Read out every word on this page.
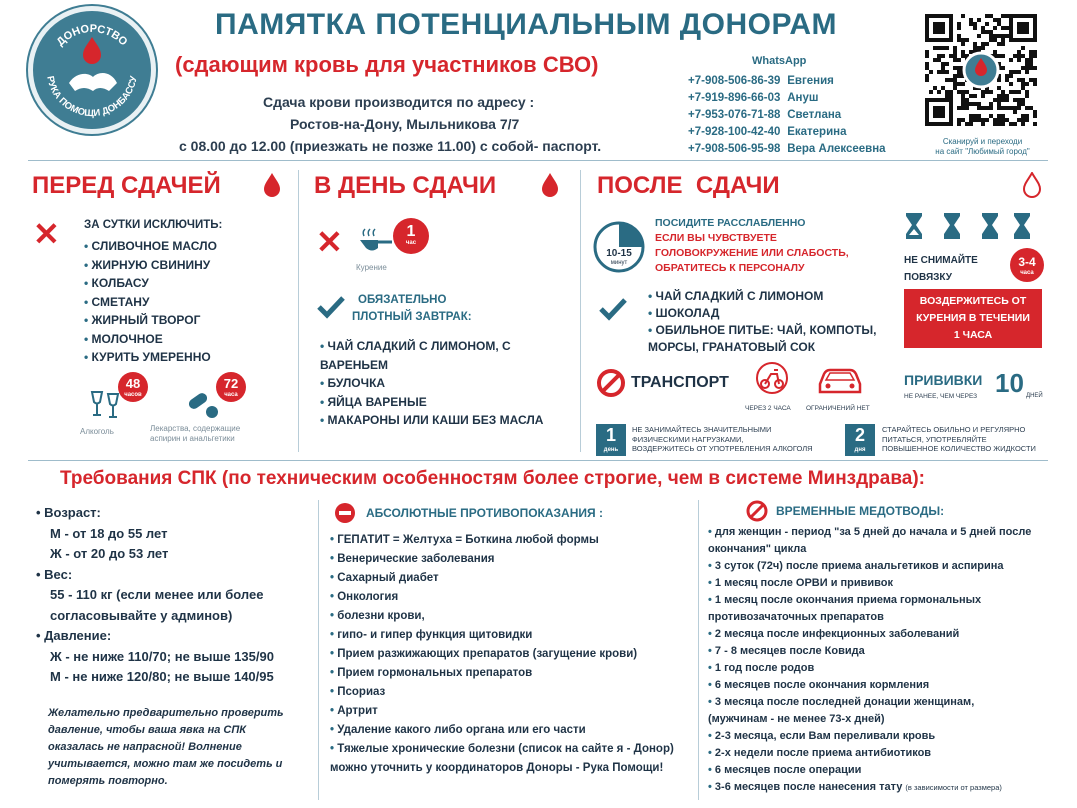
ДОНОРСТВО
РУКА ПОМОЩИ ДОНБАССУ
ПАМЯТКА ПОТЕНЦИАЛЬНЫМ ДОНОРАМ
(сдающим кровь для участников СВО)
Сдача крови производится по адресу :
Ростов-на-Дону, Мыльникова 7/7
с 08.00 до 12.00 (приезжать не позже 11.00) с собой- паспорт.
WhatsApp
+7-908-506-86-39 Евгения
+7-919-896-66-03 Ануш
+7-953-076-71-88 Светлана
+7-928-100-42-40 Екатерина
+7-908-506-95-98 Вера Алексеевна
Сканируй и переходи
на сайт "Любимый город"
ПЕРЕД СДАЧЕЙ
✕ ЗА СУТКИ ИСКЛЮЧИТЬ:
• СЛИВОЧНОЕ МАСЛО
• ЖИРНУЮ СВИНИНУ
• КОЛБАСУ
• СМЕТАНУ
• ЖИРНЫЙ ТВОРОГ
• МОЛОЧНОЕ
• КУРИТЬ УМЕРЕННО
48
часов
Алкоголь
72
часа
Лекарства, содержащие
аспирин и анальгетики
В ДЕНЬ СДАЧИ
✕	1
час
Курение
ОБЯЗАТЕЛЬНО
ПЛОТНЫЙ ЗАВТРАК:
• ЧАЙ СЛАДКИЙ С ЛИМОНОМ, С
ВАРЕНЬЕМ
• БУЛОЧКА
• ЯЙЦА ВАРЕНЫЕ
• МАКАРОНЫ ИЛИ КАШИ БЕЗ МАСЛА
ПОСЛЕ  СДАЧИ
10-15
минут
ПОСИДИТЕ РАССЛАБЛЕННО
ЕСЛИ ВЫ ЧУВСТВУЕТЕ
ГОЛОВОКРУЖЕНИЕ ИЛИ СЛАБОСТЬ,
ОБРАТИТЕСЬ К ПЕРСОНАЛУ
НЕ СНИМАЙТЕ
ПОВЯЗКУ
3-4
часа
• ЧАЙ СЛАДКИЙ С ЛИМОНОМ
• ШОКОЛАД
• ОБИЛЬНОЕ ПИТЬЕ: ЧАЙ, КОМПОТЫ,
МОРСЫ, ГРАНАТОВЫЙ СОК
ВОЗДЕРЖИТЕСЬ ОТ
КУРЕНИЯ В ТЕЧЕНИИ
1 ЧАСА
ТРАНСПОРТ
ЧЕРЕЗ 2 ЧАСА ОГРАНИЧЕНИЙ НЕТ
ПРИВИВКИ
НЕ РАНЕЕ, ЧЕМ ЧЕРЕЗ 10 ДНЕЙ
1
день
НЕ ЗАНИМАЙТЕСЬ ЗНАЧИТЕЛЬНЫМИ
ФИЗИЧЕСКИМИ НАГРУЗКАМИ,
ВОЗДЕРЖИТЕСЬ ОТ УПОТРЕБЛЕНИЯ АЛКОГОЛЯ
2
дня
СТАРАЙТЕСЬ ОБИЛЬНО И РЕГУЛЯРНО
ПИТАТЬСЯ, УПОТРЕБЛЯЙТЕ
ПОВЫШЕННОЕ КОЛИЧЕСТВО ЖИДКОСТИ
Требования СПК (по техническим особенностям более строгие, чем в системе Минздрава):
• Возраст:
М - от 18 до 55 лет
Ж - от 20 до 53 лет
• Вес:
55 - 110 кг (если менее или более
согласовывайте у админов)
• Давление:
Ж - не ниже 110/70; не выше 135/90
М - не ниже 120/80; не выше 140/95
Желательно предварительно проверить
давление, чтобы ваша явка на СПК
оказалась не напрасной! Волнение
учитывается, можно там же посидеть и
померять повторно.
АБСОЛЮТНЫЕ ПРОТИВОПОКАЗАНИЯ :
• ГЕПАТИТ = Желтуха = Боткина любой формы
• Венерические заболевания
• Сахарный диабет
• Онкология
• болезни крови,
• гипо- и гипер функция щитовидки
• Прием разжижающих препаратов (загущение крови)
• Прием гормональных препаратов
• Псориаз
• Артрит
• Удаление какого либо органа или его части
• Тяжелые хронические болезни (список на сайте я - Донор)
можно уточнить у координаторов Доноры - Рука Помощи!
ВРЕМЕННЫЕ МЕДОТВОДЫ:
• для женщин - период "за 5 дней до начала и 5 дней после
окончания" цикла
• 3 суток (72ч) после приема анальгетиков и аспирина
• 1 месяц после ОРВИ и прививок
• 1 месяц после окончания приема гормональных
противозачаточных препаратов
• 2 месяца после инфекционных заболеваний
• 7 - 8 месяцев после Ковида
• 1 год после родов
• 6 месяцев после окончания кормления
• 3 месяца после последней донации женщинам,
(мужчинам - не менее 73-х дней)
• 2-3 месяца, если Вам переливали кровь
• 2-х недели после приема антибиотиков
• 6 месяцев после операции
• 3-6 месяцев после нанесения тату (в зависимости от размера)
